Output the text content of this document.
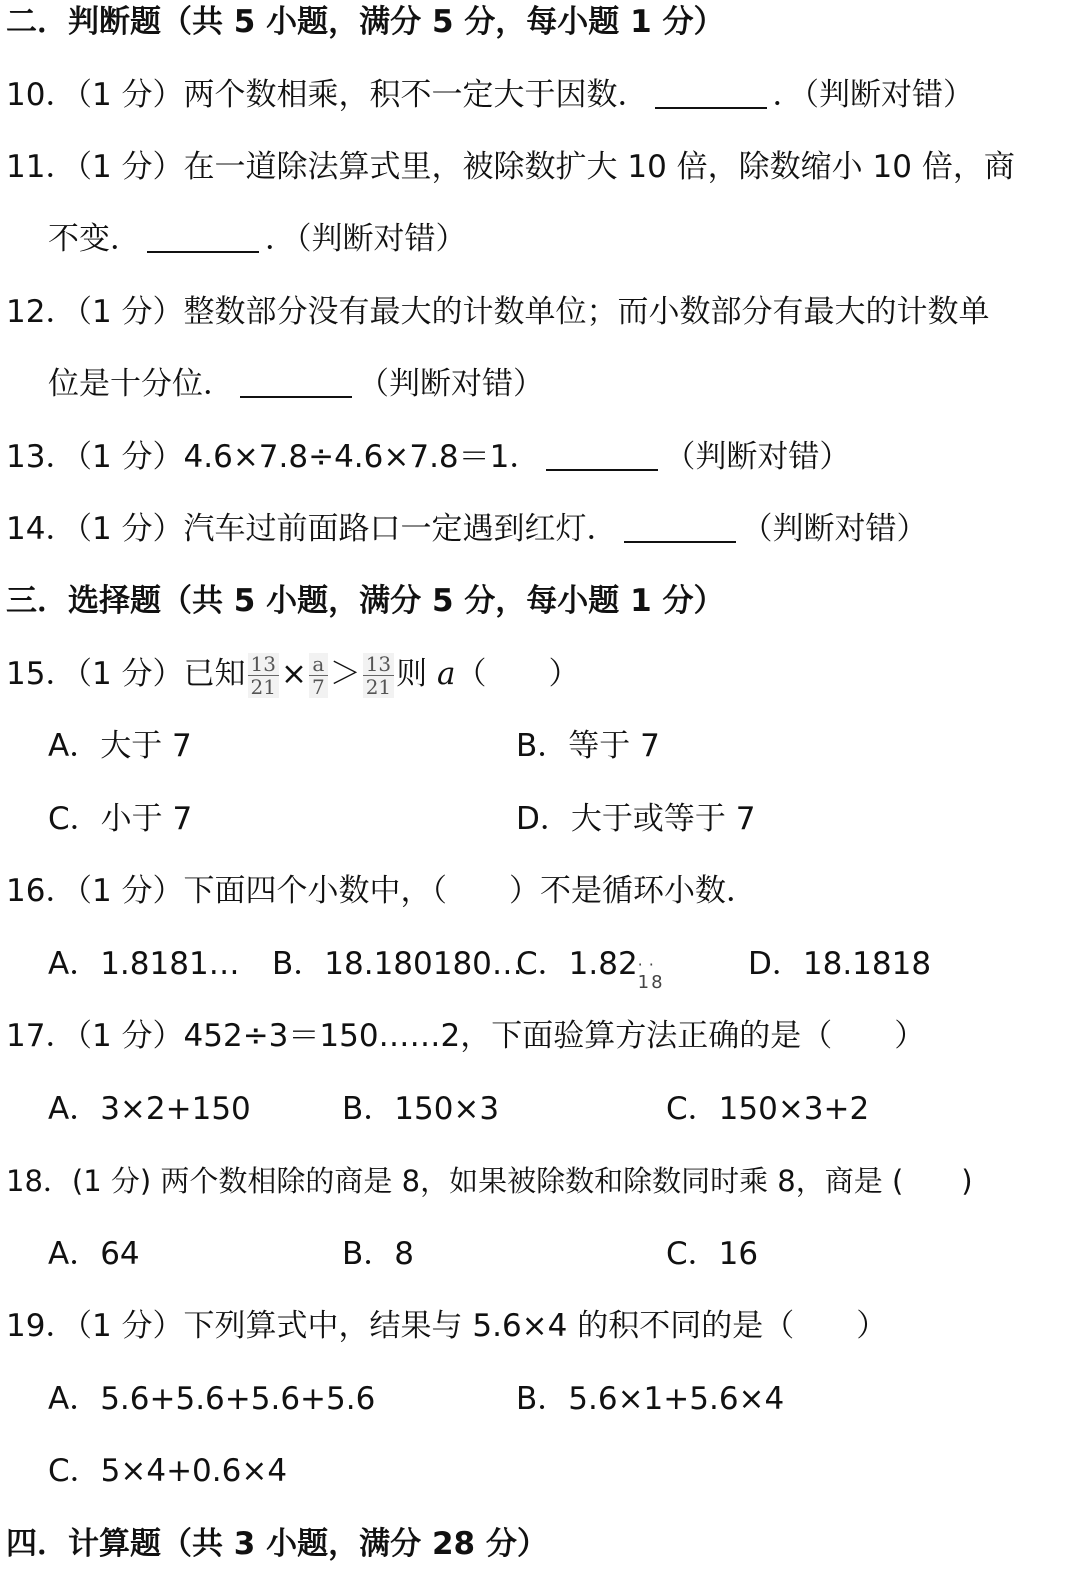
二．判断题（共 5 小题，满分 5 分，每小题 1 分）
10．（1 分）两个数相乘，积不一定大于因数．	．（判断对错）
11．（1 分）在一道除法算式里，被除数扩大 10 倍，除数缩小 10 倍，商
不变．	．（判断对错）
12．（1 分）整数部分没有最大的计数单位；而小数部分有最大的计数单
位是十分位．	（判断对错）
13．（1 分）4.6×7.8÷4.6×7.8＝1．	（判断对错）
14．（1 分）汽车过前面路口一定遇到红灯．	（判断对错）
三．选择题（共 5 小题，满分 5 分，每小题 1 分）
15．（1 分）已知 $\frac{13}{21} \times \frac{a}{7} > \frac{13}{21}$ 则 a（　　）
A．大于 7	B．等于 7
C．小于 7	D．大于或等于 7
16．（1 分）下面四个小数中，（　　）不是循环小数．
A．1.8181… B．18.180180…
C．1.82 ··
18
D．18.1818
17．（1 分）452÷3＝150……2，下面验算方法正确的是（　　）
A．3×2+150	B．150×3	C．150×3+2
18．(1 分) 两个数相除的商是 8，如果被除数和除数同时乘 8，商是 (　　)
A．64	B．8	C．16
19．（1 分）下列算式中，结果与 5.6×4 的积不同的是（　　）
A．5.6+5.6+5.6+5.6	B．5.6×1+5.6×4
C．5×4+0.6×4
四．计算题（共 3 小题，满分 28 分）
